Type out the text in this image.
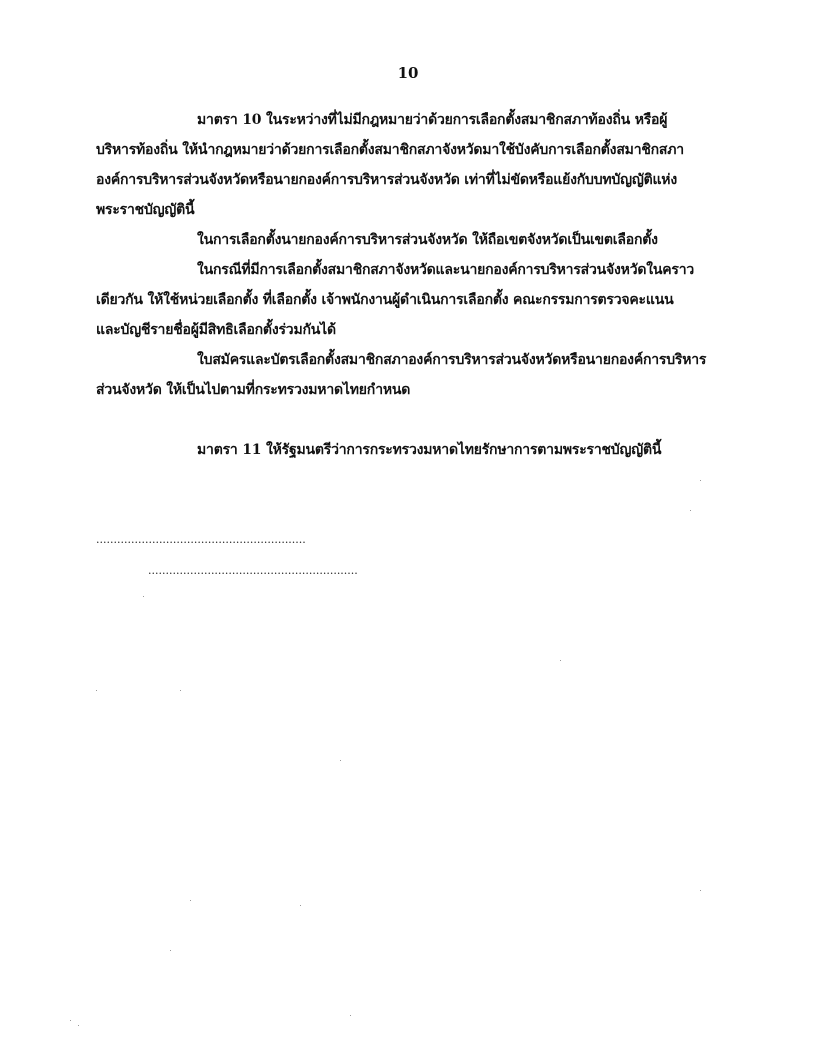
10
มาตรา 10 ในระหว่างที่ไม่มีกฎหมายว่าด้วยการเลือกตั้งสมาชิกสภาท้องถิ่น หรือผู้
บริหารท้องถิ่น ให้นำกฎหมายว่าด้วยการเลือกตั้งสมาชิกสภาจังหวัดมาใช้บังคับการเลือกตั้งสมาชิกสภา
องค์การบริหารส่วนจังหวัดหรือนายกองค์การบริหารส่วนจังหวัด เท่าที่ไม่ขัดหรือแย้งกับบทบัญญัติแห่ง
พระราชบัญญัตินี้
ในการเลือกตั้งนายกองค์การบริหารส่วนจังหวัด ให้ถือเขตจังหวัดเป็นเขตเลือกตั้ง
ในกรณีที่มีการเลือกตั้งสมาชิกสภาจังหวัดและนายกองค์การบริหารส่วนจังหวัดในคราว
เดียวกัน ให้ใช้หน่วยเลือกตั้ง ที่เลือกตั้ง เจ้าพนักงานผู้ดำเนินการเลือกตั้ง คณะกรรมการตรวจคะแนน
และบัญชีรายชื่อผู้มีสิทธิเลือกตั้งร่วมกันได้
ใบสมัครและบัตรเลือกตั้งสมาชิกสภาองค์การบริหารส่วนจังหวัดหรือนายกองค์การบริหาร
ส่วนจังหวัด ให้เป็นไปตามที่กระทรวงมหาดไทยกำหนด
มาตรา 11 ให้รัฐมนตรีว่าการกระทรวงมหาดไทยรักษาการตามพระราชบัญญัตินี้
............................................................
............................................................
